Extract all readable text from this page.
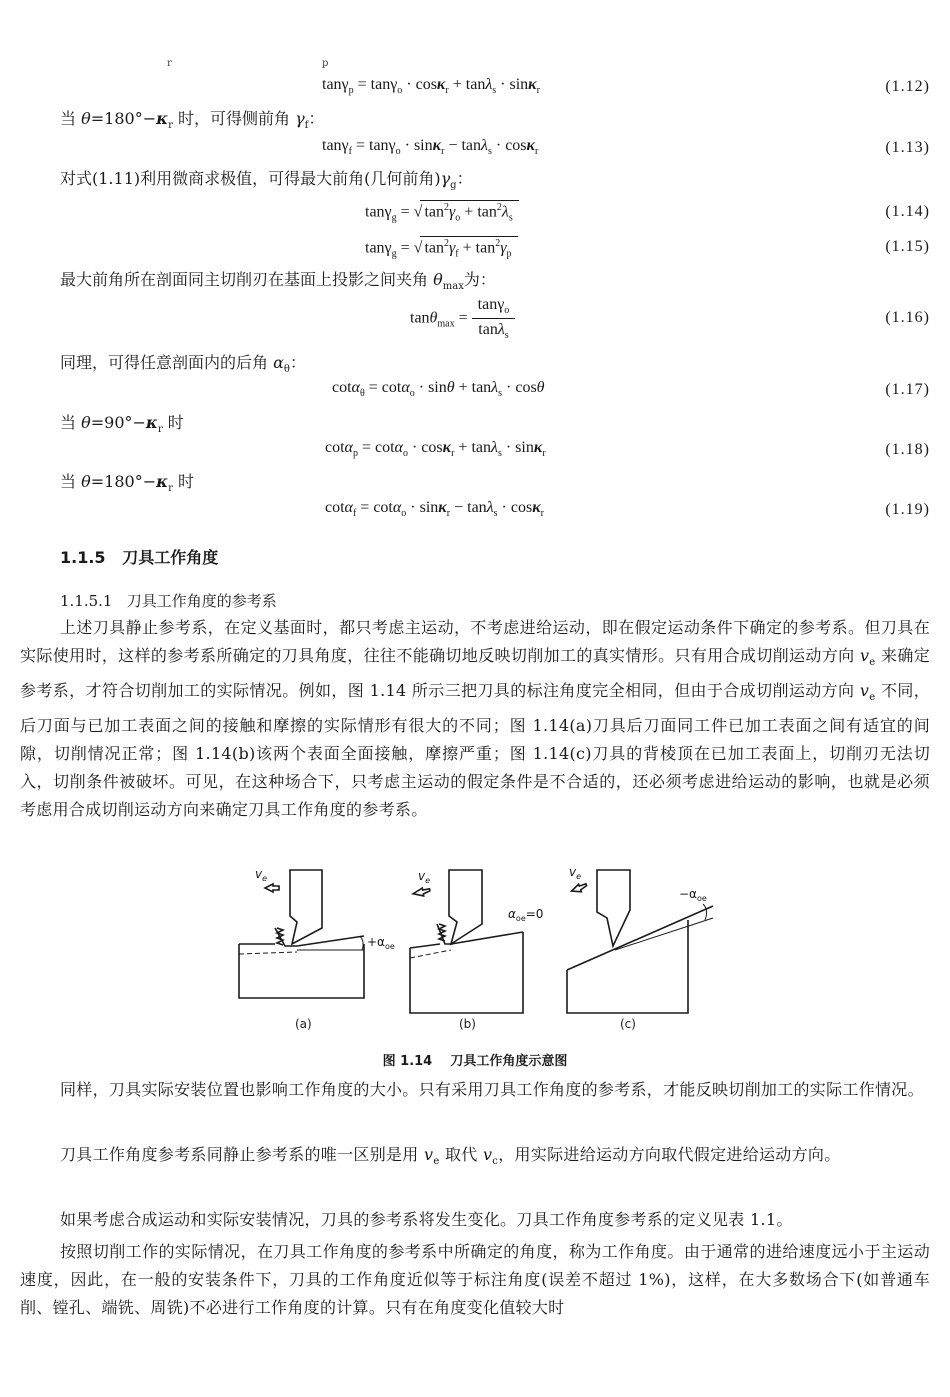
r	p
tanγ$_p$ = tanγ$_o$ · cosκ$_r$ + tanλ$_s$ · sinκ$_r$	(1.12)
当 $\theta=180^\circ-\kappa_r$ 时，可得侧前角 $\gamma_f$：
tanγ$_f$ = tanγ$_o$ · sinκ$_r$ − tanλ$_s$ · cosκ$_r$	(1.13)
对式(1.11)利用微商求极值，可得最大前角(几何前角)$\gamma_g$：
tanγ$_g$ = √ $\tan^2\gamma_o + \tan^2\lambda_s$	(1.14)
tanγ$_g$ = √ $\tan^2\gamma_f + \tan^2\gamma_p$	(1.15)
最大前角所在剖面同主切削刃在基面上投影之间夹角 $\theta_{max}$为：
$\tan\theta_{max} = \frac{\tan\gamma_o}{\tan\lambda_s}$	(1.16)
同理，可得任意剖面内的后角 $\alpha_\theta$：
cotα$_\theta$ = cotα$_o$ · sinθ + tanλ$_s$ · cosθ	(1.17)
当 $\theta=90^\circ-\kappa_r$ 时
cotα$_p$ = cotα$_o$ · cosκ$_r$ + tanλ$_s$ · sinκ$_r$	(1.18)
当 $\theta=180^\circ-\kappa_r$ 时
cotα$_f$ = cotα$_o$ · sinκ$_r$ − tanλ$_s$ · cosκ$_r$	(1.19)
1.1.5 刀具工作角度
1.1.5.1 刀具工作角度的参考系
上述刀具静止参考系，在定义基面时，都只考虑主运动，不考虑进给运动，即在假定运动条件下确定的参考系。但刀具在实际使用时，这样的参考系所确定的刀具角度，往往不能确切地反映切削加工的真实情形。只有用合成切削运动方向 $v_e$ 来确定参考系，才符合切削加工的实际情况。例如，图 1.14 所示三把刀具的标注角度完全相同，但由于合成切削运动方向 $v_e$ 不同，后刀面与已加工表面之间的接触和摩擦的实际情形有很大的不同；图 1.14(a)刀具后刀面同工件已加工表面之间有适宜的间隙，切削情况正常；图 1.14(b)该两个表面全面接触，摩擦严重；图 1.14(c)刀具的背棱顶在已加工表面上，切削刃无法切入，切削条件被破坏。可见，在这种场合下，只考虑主运动的假定条件是不合适的，还必须考虑进给运动的影响，也就是必须考虑用合成切削运动方向来确定刀具工作角度的参考系。
$v_e$	$v_e$
$v_e$
$+\alpha_{oe}$
$\alpha_{oe}=0$
$-\alpha_{oe}$
(a)	(b)	(c)
图 1.14 刀具工作角度示意图
同样，刀具实际安装位置也影响工作角度的大小。只有采用刀具工作角度的参考系，才能反映切削加工的实际工作情况。
刀具工作角度参考系同静止参考系的唯一区别是用 $v_e$ 取代 $v_c$，用实际进给运动方向取代假定进给运动方向。
如果考虑合成运动和实际安装情况，刀具的参考系将发生变化。刀具工作角度参考系的定义见表 1.1。
按照切削工作的实际情况，在刀具工作角度的参考系中所确定的角度，称为工作角度。由于通常的进给速度远小于主运动速度，因此，在一般的安装条件下，刀具的工作角度近似等于标注角度(误差不超过 1%)，这样，在大多数场合下(如普通车削、镗孔、端铣、周铣)不必进行工作角度的计算。只有在角度变化值较大时
